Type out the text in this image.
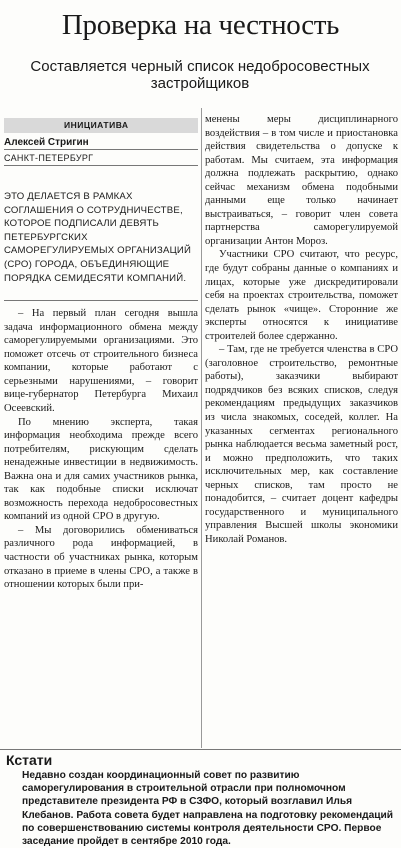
Проверка на честность
Составляется черный список недобросовестных застройщиков
ИНИЦИАТИВА
Алексей Стригин
САНКТ-ПЕТЕРБУРГ
ЭТО ДЕЛАЕТСЯ В РАМКАХ СОГЛАШЕНИЯ О СОТРУДНИЧЕСТВЕ, КОТОРОЕ ПОДПИСАЛИ ДЕВЯТЬ ПЕТЕРБУРГСКИХ САМОРЕГУЛИРУЕМЫХ ОРГАНИЗАЦИЙ (СРО) ГОРОДА, ОБЪЕДИНЯЮЩИЕ ПОРЯДКА СЕМИДЕСЯТИ КОМПАНИЙ.

– На первый план сегодня вышла задача информационного обмена между саморегулируемыми организациями. Это поможет отсечь от строительного бизнеса компании, которые работают с серьезными нарушениями, – говорит вице-губернатор Петербурга Михаил Осеевский.

По мнению эксперта, такая информация необходима прежде всего потребителям, рискующим сделать ненадежные инвестиции в недвижимость. Важна она и для самих участников рынка, так как подобные списки исключат возможность перехода недобросовестных компаний из одной СРО в другую.

– Мы договорились обмениваться различного рода информацией, в частности об участниках рынка, которым отказано в приеме в члены СРО, а также в отношении которых были при-

менены меры дисциплинарного воздействия – в том числе и приостановка действия свидетельства о допуске к работам. Мы считаем, эта информация должна подлежать раскрытию, однако сейчас механизм обмена подобными данными еще только начинает выстраиваться, – говорит член совета партнерства саморегулируемой организации Антон Мороз.

Участники СРО считают, что ресурс, где будут собраны данные о компаниях и лицах, которые уже дискредитировали себя на проектах строительства, поможет сделать рынок «чище». Сторонние же эксперты относятся к инициативе строителей более сдержанно.

– Там, где не требуется членства в СРО (заголовное строительство, ремонтные работы), заказчики выбирают подрядчиков без всяких списков, следуя рекомендациям предыдущих заказчиков из числа знакомых, соседей, коллег. На указанных сегментах регионального рынка наблюдается весьма заметный рост, и можно предположить, что таких исключительных мер, как составление черных списков, там просто не понадобится, – считает доцент кафедры государственного и муниципального управления Высшей школы экономики Николай Романов.

Кстати

Недавно создан координационный совет по развитию саморегулирования в строительной отрасли при полномочном представителе президента РФ в СЗФО, который возглавил Илья Клебанов. Работа совета будет направлена на подготовку рекомендаций по совершенствованию системы контроля деятельности СРО. Первое заседание пройдет в сентябре 2010 года.
